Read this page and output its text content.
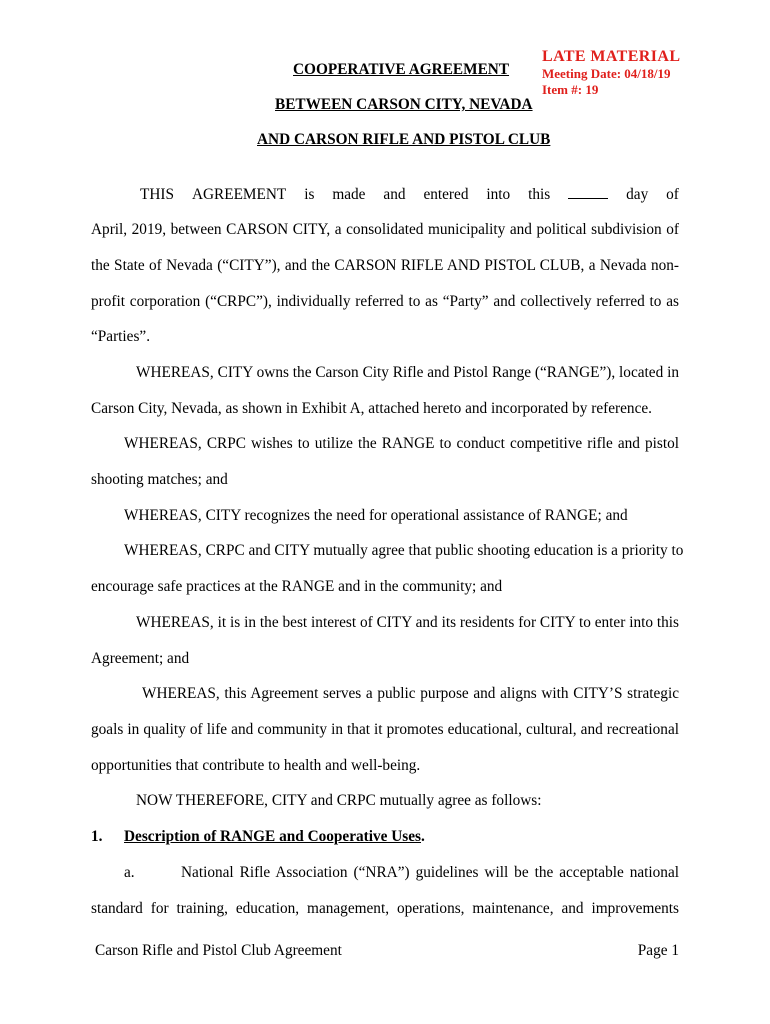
LATE MATERIAL
Meeting Date: 04/18/19
Item #: 19
COOPERATIVE AGREEMENT
BETWEEN CARSON CITY, NEVADA
AND CARSON RIFLE AND PISTOL CLUB
THIS AGREEMENT is made and entered into this	day of
April, 2019, between CARSON CITY, a consolidated municipality and political subdivision of
the State of Nevada (“CITY”), and the CARSON RIFLE AND PISTOL CLUB, a Nevada non-
profit corporation (“CRPC”), individually referred to as “Party” and collectively referred to as
“Parties”.
WHEREAS, CITY owns the Carson City Rifle and Pistol Range (“RANGE”), located in
Carson City, Nevada, as shown in Exhibit A, attached hereto and incorporated by reference.
WHEREAS, CRPC wishes to utilize the RANGE to conduct competitive rifle and pistol
shooting matches; and
WHEREAS, CITY recognizes the need for operational assistance of RANGE; and
WHEREAS, CRPC and CITY mutually agree that public shooting education is a priority to
encourage safe practices at the RANGE and in the community; and
WHEREAS, it is in the best interest of CITY and its residents for CITY to enter into this
Agreement; and
WHEREAS, this Agreement serves a public purpose and aligns with CITY’S strategic
goals in quality of life and community in that it promotes educational, cultural, and recreational
opportunities that contribute to health and well-being.
NOW THEREFORE, CITY and CRPC mutually agree as follows:
1. Description of RANGE and Cooperative Uses.
a.	National Rifle Association (“NRA”) guidelines will be the acceptable national
standard for training, education, management, operations, maintenance, and improvements
Carson Rifle and Pistol Club Agreement	Page 1
